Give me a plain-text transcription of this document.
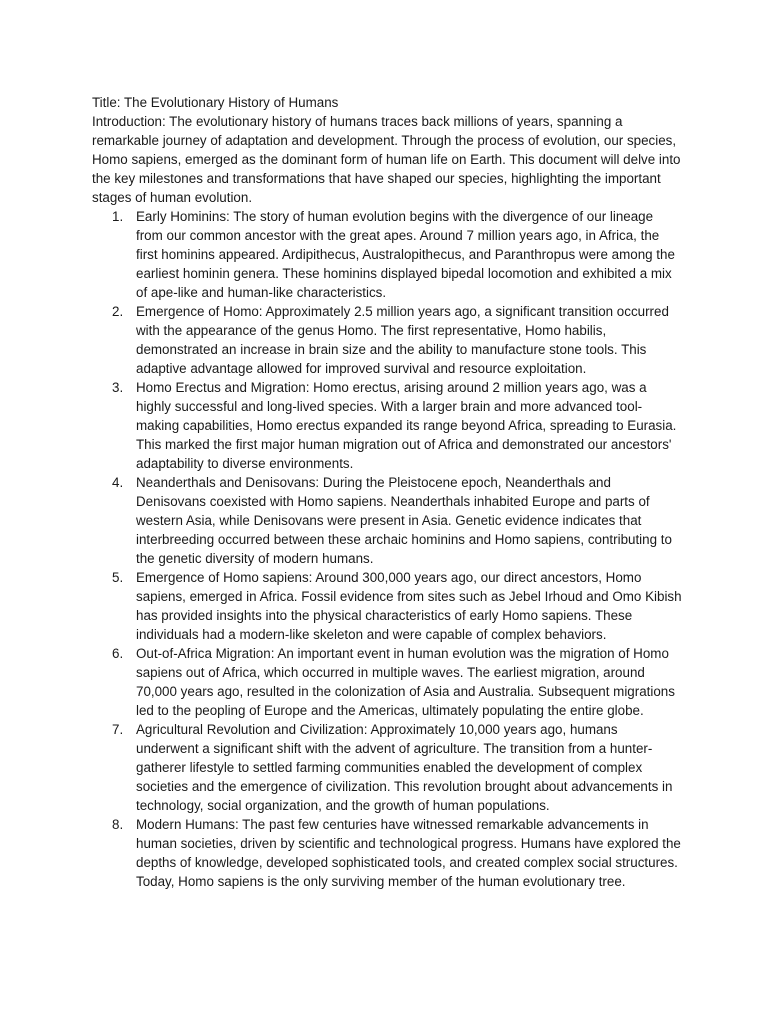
Title: The Evolutionary History of Humans

Introduction: The evolutionary history of humans traces back millions of years, spanning a remarkable journey of adaptation and development. Through the process of evolution, our species, Homo sapiens, emerged as the dominant form of human life on Earth. This document will delve into the key milestones and transformations that have shaped our species, highlighting the important stages of human evolution.

Early Hominins: The story of human evolution begins with the divergence of our lineage from our common ancestor with the great apes. Around 7 million years ago, in Africa, the first hominins appeared. Ardipithecus, Australopithecus, and Paranthropus were among the earliest hominin genera. These hominins displayed bipedal locomotion and exhibited a mix of ape-like and human-like characteristics.
Emergence of Homo: Approximately 2.5 million years ago, a significant transition occurred with the appearance of the genus Homo. The first representative, Homo habilis, demonstrated an increase in brain size and the ability to manufacture stone tools. This adaptive advantage allowed for improved survival and resource exploitation.
Homo Erectus and Migration: Homo erectus, arising around 2 million years ago, was a highly successful and long-lived species. With a larger brain and more advanced tool-making capabilities, Homo erectus expanded its range beyond Africa, spreading to Eurasia. This marked the first major human migration out of Africa and demonstrated our ancestors' adaptability to diverse environments.
Neanderthals and Denisovans: During the Pleistocene epoch, Neanderthals and Denisovans coexisted with Homo sapiens. Neanderthals inhabited Europe and parts of western Asia, while Denisovans were present in Asia. Genetic evidence indicates that interbreeding occurred between these archaic hominins and Homo sapiens, contributing to the genetic diversity of modern humans.
Emergence of Homo sapiens: Around 300,000 years ago, our direct ancestors, Homo sapiens, emerged in Africa. Fossil evidence from sites such as Jebel Irhoud and Omo Kibish has provided insights into the physical characteristics of early Homo sapiens. These individuals had a modern-like skeleton and were capable of complex behaviors.
Out-of-Africa Migration: An important event in human evolution was the migration of Homo sapiens out of Africa, which occurred in multiple waves. The earliest migration, around 70,000 years ago, resulted in the colonization of Asia and Australia. Subsequent migrations led to the peopling of Europe and the Americas, ultimately populating the entire globe.
Agricultural Revolution and Civilization: Approximately 10,000 years ago, humans underwent a significant shift with the advent of agriculture. The transition from a hunter-gatherer lifestyle to settled farming communities enabled the development of complex societies and the emergence of civilization. This revolution brought about advancements in technology, social organization, and the growth of human populations.
Modern Humans: The past few centuries have witnessed remarkable advancements in human societies, driven by scientific and technological progress. Humans have explored the depths of knowledge, developed sophisticated tools, and created complex social structures. Today, Homo sapiens is the only surviving member of the human evolutionary tree.
